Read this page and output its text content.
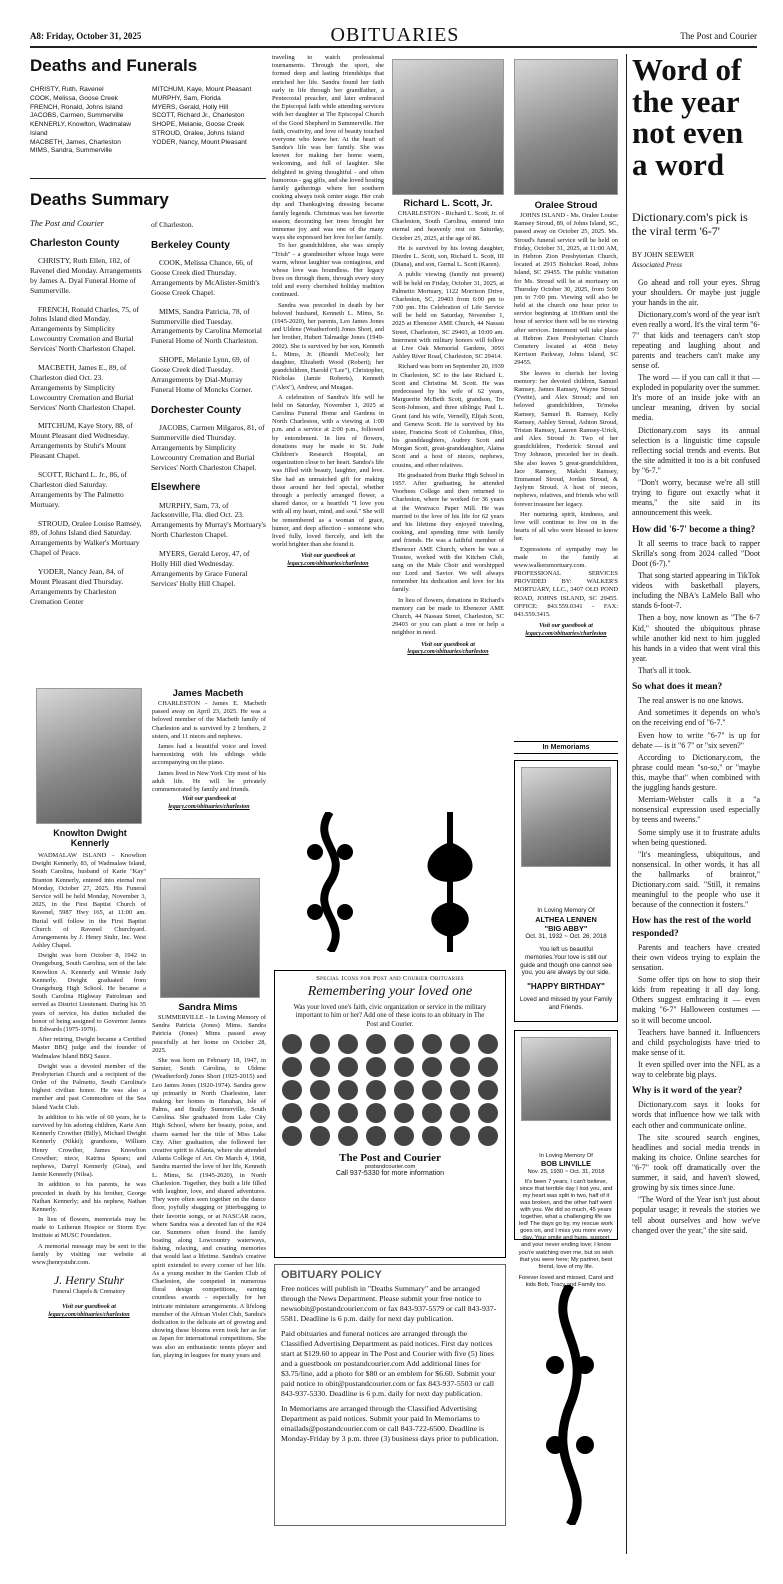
A8: Friday, October 31, 2025	OBITUARIES	The Post and Courier
Deaths and Funerals
CHRISTY, Ruth, Ravenel
COOK, Melissa, Goose Creek
FRENCH, Ronald, Johns Island
JACOBS, Carmen, Summerville
KENNERLY, Knowlton, Wadmalaw Island
MACBETH, James, Charleston
MIMS, Sandra, Summerville
MITCHUM, Kaye, Mount Pleasant
MURPHY, Sam, Florida
MYERS, Gerald, Holly Hill
SCOTT, Richard Jr., Charleston
SHOPE, Melanie, Goose Creek
STROUD, Oralee, Johns Island
YODER, Nancy, Mount Pleasant
Deaths Summary
The Post and Courier
Charleston County

CHRISTY, Ruth Ellen, 102, of Ravenel died Monday. Arrangements by James A. Dyal Funeral Home of Summerville.

FRENCH, Ronald Charles, 75, of Johns Island died Monday. Arrangements by Simplicity Lowcountry Cremation and Burial Services' North Charleston Chapel.

MACBETH, James E., 89, of Charleston died Oct. 23. Arrangements by Simplicity Lowcountry Cremation and Burial Services' North Charleston Chapel.

MITCHUM, Kaye Story, 88, of Mount Pleasant died Wednesday. Arrangements by Stuhr's Mount Pleasant Chapel.

SCOTT, Richard L. Jr., 86, of Charleston died Saturday. Arrangements by The Palmetto Mortuary.

STROUD, Oralee Louise Ramsey, 89, of Johns Island died Saturday. Arrangements by Walker's Mortuary Chapel of Peace.

YODER, Nancy Jean, 84, of Mount Pleasant died Thursday. Arrangements by Charleston Cremation Center

of Charleston.

Berkeley County

COOK, Melissa Chance, 66, of Goose Creek died Thursday. Arrangements by McAlister-Smith's Goose Creek Chapel.

MIMS, Sandra Patricia, 78, of Summerville died Tuesday. Arrangements by Carolina Memorial Funeral Home of North Charleston.

SHOPE, Melanie Lynn, 69, of Goose Creek died Tuesday. Arrangements by Dial-Murray Funeral Home of Moncks Corner.

Dorchester County

JACOBS, Carmen Milgaros, 81, of Summerville died Thursday. Arrangements by Simplicity Lowcountry Cremation and Burial Services' North Charleston Chapel.

Elsewhere

MURPHY, Sam, 73, of Jacksonville, Fla. died Oct. 23. Arrangements by Murray's Mortuary's North Charleston Chapel.

MYERS, Gerald Leroy, 47, of Holly Hill died Wednesday. Arrangements by Grace Funeral Services' Holly Hill Chapel.

traveling to watch professional tournaments. Through the sport, she formed deep and lasting friendships that enriched her life. Sandra found her faith early in life through her grandfather, a Pentecostal preacher, and later embraced the Episcopal faith while attending services with her daughter at The Episcopal Church of the Good Shepherd in Summerville. Her faith, creativity, and love of beauty touched everyone who knew her. At the heart of Sandra's life was her family. She was known for making her home warm, welcoming, and full of laughter. She delighted in giving thoughtful - and often humorous - gag gifts, and she loved hosting family gatherings where her southern cooking always took center stage. Her crab dip and Thanksgiving dressing became family legends. Christmas was her favorite season; decorating her trees brought her immense joy and was one of the many ways she expressed her love for her family.

To her grandchildren, she was simply "Trish" - a grandmother whose hugs were warm, whose laughter was contagious, and whose love was boundless. Her legacy lives on through them, through every story told and every cherished holiday tradition continued.

Sandra was preceded in death by her beloved husband, Kenneth L. Mims, Sr. (1945-2020), her parents, Leo James Jones and Uldene (Weatherford) Jones Short, and her brother, Hubert Talmadge Jones (1949-2002). She is survived by her son, Kenneth L. Mims, Jr. (Brandi McCool); her daughter, Elizabeth Wood (Robert); her grandchildren, Harold ("Lee"), Christopher, Nicholas (Jamie Roberts), Kenneth ("Alex"), Andrew, and Meagan.

A celebration of Sandra's life will be held on Saturday, November 1, 2025 at Carolina Funeral Home and Gardens in North Charleston, with a viewing at 1:00 p.m. and a service at 2:00 p.m., followed by entombment. In lieu of flowers, donations may be made to St. Jude Children's Research Hospital, an organization close to her heart. Sandra's life was filled with beauty, laughter, and love. She had an unmatched gift for making those around her feel special, whether through a perfectly arranged flower, a shared dance, or a heartfelt "I love you with all my heart, mind, and soul." She will be remembered as a woman of grace, humor, and deep affection - someone who lived fully, loved fiercely, and left the world brighter than she found it.

Visit our guestbook at
legacy.com/obituaries/charleston
Richard L. Scott, Jr.

CHARLESTON - Richard L. Scott, Jr. of Charleston, South Carolina, entered into eternal and heavenly rest on Saturday, October 25, 2025, at the age of 86.

He is survived by his loving daughter, Dierdre L. Scott, son, Richard L. Scott, III (Diana), and son, Gurnal L. Scott (Karen).

A public viewing (family not present) will be held on Friday, October 31, 2025, at Palmetto Mortuary, 1122 Morrison Drive, Charleston, SC, 29403 from 6:00 pm to 7:00 pm. His Celebration of Life Service will be held on Saturday, November 1, 2025 at Ebenezer AME Church, 44 Nassau Street, Charleston, SC 29403, at 10:00 am. Interment with military honors will follow at Live Oak Memorial Gardens, 3093 Ashley River Road, Charleston, SC 29414.

Richard was born on September 20, 1939 in Charleston, SC to the late Richard L. Scott and Christina M. Scott. He was predeceased by his wife of 62 years, Marguerite McBeth Scott, grandson, Tre Scott-Johnson, and three siblings; Paul L. Grant (and his wife, Vernell), Elijah Scott, and Geneva Scott. He is survived by his sister, Francina Scott of Columbus, Ohio, his granddaughters, Audrey Scott and Morgan Scott, great-granddaughter, Alaina Scott and a host of nieces, nephews, cousins, and other relatives.

He graduated from Burke High School in 1957. After graduating, he attended Voorhees College and then returned to Charleston, where he worked for 36 years at the Westvaco Paper Mill. He was married to the love of his life for 62 years and his lifetime they enjoyed traveling, cooking, and spending time with family and friends. He was a faithful member of Ebenezer AME Church, where he was a Trustee, worked with the Kitchen Club, sang on the Male Choir and worshipped our Lord and Savior. We will always remember his dedication and love for his family.

In lieu of flowers, donations in Richard's memory can be made to Ebenezer AME Church, 44 Nassau Street, Charleston, SC 29403 or you can plant a tree or help a neighbor in need.

Visit our guestbook at
legacy.com/obituaries/charleston
Oralee Stroud

JOHNS ISLAND - Ms. Oralee Louise Ramsey Stroud, 89, of Johns Island, SC, passed away on October 25, 2025. Ms. Stroud's funeral service will be held on Friday, October 31, 2025, at 11:00 AM, in Hebron Zion Presbyterian Church, located at 2915 Bohicket Road, Johns Island, SC 29455. The public visitation for Ms. Stroud will be at mortuary on Thursday October 30, 2025, from 5:00 pm to 7:00 pm. Viewing will also be held at the church one hour prior to service beginning at 10:00am until the hour of service there will be no viewing after services. Interment will take place at Hebron Zion Presbyterian Church Cemetery located at 4058 Betsy Kerrison Parkway, Johns Island, SC 29455.

She leaves to cherish her loving memory: her devoted children, Samuel Ramsey, James Ramsey, Wayne Stroud (Yvette), and Alex Stroud; and ten beloved grandchildren, Te'meka Ramsey, Samuel B. Ramsey, Kelly Ramsey, Ashley Stroud, Ashton Stroud, Tristan Ramsey, Lauren Ramsey-Urick, and Alex Stroud Jr. Two of her grandchildren, Frederick Stroud and Troy Johnson, preceded her in death. She also leaves 5 great-grandchildren, Jace Ramsey, Makchi Ramsey, Emmanuel Stroud, Jordan Stroud, & Jaylynn Stroud. A host of nieces, nephews, relatives, and friends who will forever treasure her legacy.

Her nurturing spirit, kindness, and love will continue to live on in the hearts of all who were blessed to know her.

Expressions of sympathy may be made to the family at www.walkersmortuary.com. PROFESSIONAL SERVICES PROVIDED BY: WALKER'S MORTUARY, LLC., 3407 OLD POND ROAD, JOHNS ISLAND, SC 29455. OFFICE: 843.559.0341 - FAX: 843.559.3415.

Visit our guestbook at
legacy.com/obituaries/charleston
In Memoriams
In Loving Memory Of
ALTHEA LENNEN
"BIG ABBY"
Oct. 31, 1932 ~ Oct. 26, 2018
You left us beautiful memories.Your love is still our guide and though one cannot see you, you are always by our side.
"HAPPY BIRTHDAY"
Loved and missed by your Family and Friends.
In Loving Memory Of
BOB LINVILLE
Nov. 25, 1930 ~ Oct. 31, 2018
It's been 7 years, I can't believe, since that terrible day I lost you, and my heart was split in two, half of it was broken, and the other half went with you. We did so much, 45 years together, what a challenging life we led! The days go by, my rescue work goes on, and I miss you more every day. Your smile and hugs, support and your never ending love; I know you're watching over me, but so wish that you were here; My partner, best friend, love of my life.
Forever loved and missed, Carol and kids Bob, Tracy and Family too.
Knowlton Dwight Kennerly

WADMALAW ISLAND - Knowlton Dwight Kennerly, 83, of Wadmalaw Island, South Carolina, husband of Karie "Kay" Branton Kennerly, entered into eternal rest Monday, October 27, 2025. His Funeral Service will be held Monday, November 3, 2025, in the First Baptist Church of Ravenel, 5987 Hwy 165, at 11:00 am. Burial will follow in the First Baptist Church of Ravenel Churchyard. Arrangements by J. Henry Stuhr, Inc. West Ashley Chapel.

Dwight was born October 8, 1942 in Orangeburg, South Carolina, son of the late Knowlton A. Kennerly and Winnie Judy Kennerly. Dwight graduated from Orangeburg High School. He became a South Carolina Highway Patrolman and served as District Lieutenant. During his 35 years of service, his duties included the honor of being assigned to Governor James B. Edwards (1975-1979).

After retiring, Dwight became a Certified Master BBQ judge and the founder of Wadmalaw Island BBQ Sauce.

Dwight was a devoted member of the Presbyterian Church and a recipient of the Order of the Palmetto, South Carolina's highest civilian honor. He was also a member and past Commodore of the Sea Island Yacht Club.

In addition to his wife of 60 years, he is survived by his adoring children, Karie Ann Kennerly Crowther (Billy), Michael Dwight Kennerly (Nikki); grandsons, William Henry Crowther, James Knowlton Crowther; niece, Katrina Spears; and nephews, Darryl Kennerly (Gina), and Jamie Kennerly (Nilsa).

In addition to his parents, he was preceded in death by his brother, George Nathan Kennerly; and his nephew, Nathan Kennerly.

In lieu of flowers, memorials may be made to Lutheran Hospice or Storm Eye Institute at MUSC Foundation.

A memorial message may be sent to the family by visiting our website at www.jhenrystuhr.com.

J. Henry Stuhr
Funeral Chapels & Crematory
Visit our guestbook at
legacy.com/obituaries/charleston
James Macbeth

CHARLESTON - James E. Macbeth passed away on April 23, 2025. He was a beloved member of the Macbeth family of Charleston and is survived by 2 brothers, 2 sisters, and 11 nieces and nephews.

James had a beautiful voice and loved harmonizing with his siblings while accompanying on the piano.

James lived in New York City most of his adult life. He will be privately commemorated by family and friends.

Visit our guestbook at
legacy.com/obituaries/charleston
Sandra Mims

SUMMERVILLE - In Loving Memory of Sandra Patricia (Jones) Mims. Sandra Patricia (Jones) Mims passed away peacefully at her home on October 28, 2025.

She was born on February 18, 1947, in Sumter, South Carolina, to Uldene (Weatherford) Jones Short (1925-2015) and Leo James Jones (1920-1974). Sandra grew up primarily in North Charleston, later making her homes in Hanahan, Isle of Palms, and finally Summerville, South Carolina. She graduated from Lake City High School, where her beauty, poise, and charm earned her the title of Miss Lake City. After graduation, she followed her creative spirit to Atlanta, where she attended Atlanta College of Art. On March 4, 1968, Sandra married the love of her life, Kenneth L. Mims, Sr. (1945-2020), in North Charleston. Together, they built a life filled with laughter, love, and shared adventures. They were often seen together on the dance floor, joyfully shagging or jitterbugging to their favorite songs, or at NASCAR races, where Sandra was a devoted fan of the #24 car. Summers often found the family boating along Lowcountry waterways, fishing, relaxing, and creating memories that would last a lifetime. Sandra's creative spirit extended to every corner of her life. As a young mother in the Garden Club of Charleston, she competed in numerous floral design competitions, earning countless awards - especially for her intricate miniature arrangements. A lifelong member of the African Violet Club, Sandra's dedication to the delicate art of growing and showing these blooms even took her as far as Japan for international competitions. She was also an enthusiastic tennis player and fan, playing in leagues for many years and

Special Icons for Post and Courier Obituaries
Remembering your loved one
Was your loved one's faith, civic organization or service in the military important to him or her? Add one of these icons to an obituary in The Post and Courier.
The Post and Courier
postandcourier.com
Call 937-5330 for more information
OBITUARY POLICY

Free notices will publish in "Deaths Summary" and be arranged through the News Department. Please submit your free notice to newsobit@postandcourier.com or fax 843-937-5579 or call 843-937-5581. Deadline is 6 p.m. daily for next day publication.

Paid obituaries and funeral notices are arranged through the Classified Advertising Department as paid notices. First day notices start at $129.60 to appear in The Post and Courier with five (5) lines and a guestbook on postandcourier.com Add additional lines for $3.75/line, add a photo for $80 or an emblem for $6.60. Submit your paid notice to obit@postandcourier.com or fax 843-937-5503 or call 843-937-5330. Deadline is 6 p.m. daily for next day publication.

In Memoriams are arranged through the Classified Advertising Department as paid notices. Submit your paid In Memoriams to emailads@postandcourier.com or call 843-722-6500. Deadline is Monday-Friday by 3 p.m. three (3) business days prior to publication.

Word of the year not even a word
Dictionary.com's pick is the viral term '6-7'
BY JOHN SEEWER
Associated Press

Go ahead and roll your eyes. Shrug your shoulders. Or maybe just juggle your hands in the air.

Dictionary.com's word of the year isn't even really a word. It's the viral term "6-7" that kids and teenagers can't stop repeating and laughing about and parents and teachers can't make any sense of.

The word — if you can call it that — exploded in popularity over the summer. It's more of an inside joke with an unclear meaning, driven by social media.

Dictionary.com says its annual selection is a linguistic time capsule reflecting social trends and events. But the site admitted it too is a bit confused by "6-7."

"Don't worry, because we're all still trying to figure out exactly what it means," the site said in its announcement this week.

How did '6-7' become a thing?

It all seems to trace back to rapper Skrilla's song from 2024 called "Doot Doot (6-7)."

That song started appearing in TikTok videos with basketball players, including the NBA's LaMelo Ball who stands 6-foot-7.

Then a boy, now known as "The 6-7 Kid," shouted the ubiquitous phrase while another kid next to him juggled his hands in a video that went viral this year.

That's all it took.

So what does it mean?

The real answer is no one knows.

And sometimes it depends on who's on the receiving end of "6-7."

Even how to write "6-7" is up for debate — is it "6 7" or "six seven?"

According to Dictionary.com, the phrase could mean "so-so," or "maybe this, maybe that" when combined with the juggling hands gesture.

Merriam-Webster calls it a "a nonsensical expression used especially by teens and tweens."

Some simply use it to frustrate adults when being questioned.

"It's meaningless, ubiquitous, and nonsensical. In other words, it has all the hallmarks of brainrot," Dictionary.com said. "Still, it remains meaningful to the people who use it because of the connection it fosters."

How has the rest of the world responded?

Parents and teachers have created their own videos trying to explain the sensation.

Some offer tips on how to stop their kids from repeating it all day long. Others suggest embracing it — even making "6-7" Halloween costumes — so it will become uncool.

Teachers have banned it. Influencers and child psychologists have tried to make sense of it.

It even spilled over into the NFL as a way to celebrate big plays.

Why is it word of the year?

Dictionary.com says it looks for words that influence how we talk with each other and communicate online.

The site scoured search engines, headlines and social media trends in making its choice. Online searches for "6-7" took off dramatically over the summer, it said, and haven't slowed, growing by six times since June.

"The Word of the Year isn't just about popular usage; it reveals the stories we tell about ourselves and how we've changed over the year," the site said.
